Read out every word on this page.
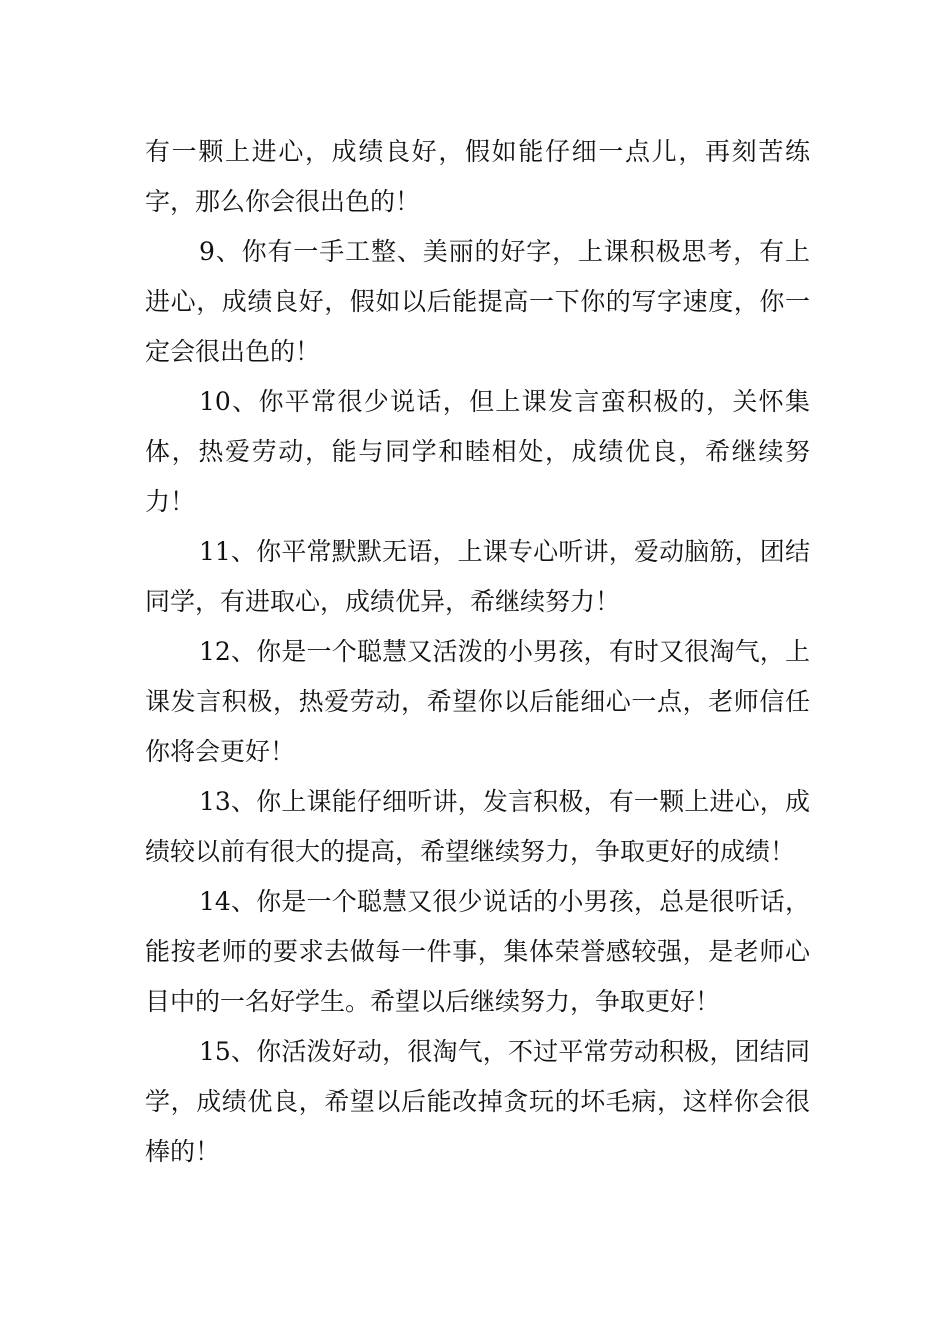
有一颗上进心，成绩良好，假如能仔细一点儿，再刻苦练字，那么你会很出色的！

9、你有一手工整、美丽的好字，上课积极思考，有上进心，成绩良好，假如以后能提高一下你的写字速度，你一定会很出色的！

10、你平常很少说话，但上课发言蛮积极的，关怀集体，热爱劳动，能与同学和睦相处，成绩优良，希继续努力！

11、你平常默默无语，上课专心听讲，爱动脑筋，团结同学，有进取心，成绩优异，希继续努力！

12、你是一个聪慧又活泼的小男孩，有时又很淘气，上课发言积极，热爱劳动，希望你以后能细心一点，老师信任你将会更好！

13、你上课能仔细听讲，发言积极，有一颗上进心，成绩较以前有很大的提高，希望继续努力，争取更好的成绩！

14、你是一个聪慧又很少说话的小男孩，总是很听话，能按老师的要求去做每一件事，集体荣誉感较强，是老师心目中的一名好学生。希望以后继续努力，争取更好！

15、你活泼好动，很淘气，不过平常劳动积极，团结同学，成绩优良，希望以后能改掉贪玩的坏毛病，这样你会很棒的！
